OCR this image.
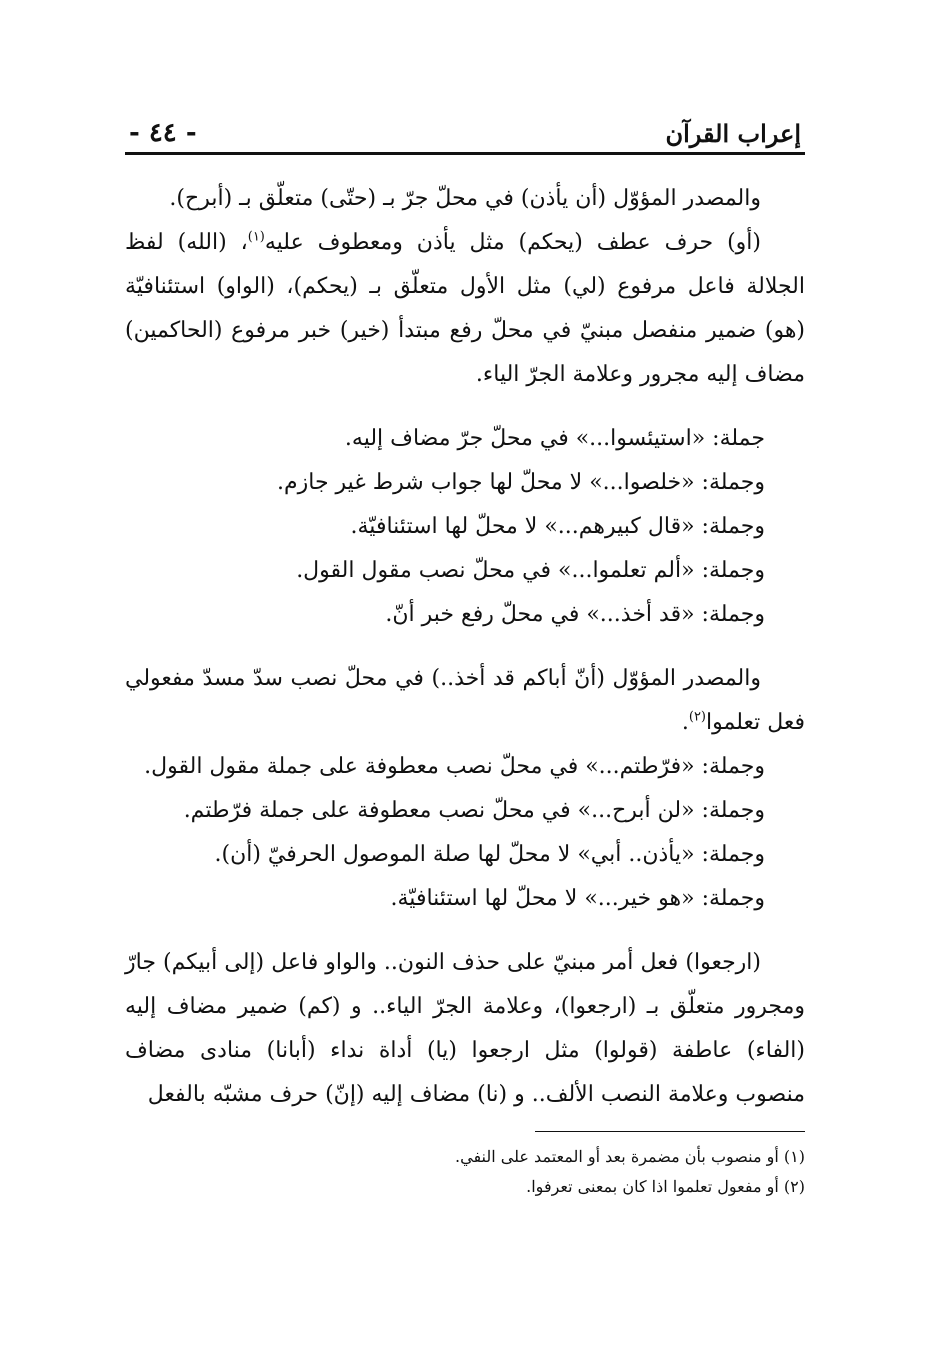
إعراب القرآن
- ٤٤ -

والمصدر المؤوّل (أن يأذن) في محلّ جرّ بـ (حتّى) متعلّق بـ (أبرح).

(أو) حرف عطف (يحكم) مثل يأذن ومعطوف عليه$^{(١)}$، (الله) لفظ الجلالة فاعل مرفوع (لي) مثل الأول متعلّق بـ (يحكم)، (الواو) استئنافيّة (هو) ضمير منفصل مبنيّ في محلّ رفع مبتدأ (خير) خبر مرفوع (الحاكمين) مضاف إليه مجرور وعلامة الجرّ الياء.

جملة: «استيئسوا...» في محلّ جرّ مضاف إليه.
وجملة: «خلصوا...» لا محلّ لها جواب شرط غير جازم.
وجملة: «قال كبيرهم...» لا محلّ لها استئنافيّة.
وجملة: «ألم تعلموا...» في محلّ نصب مقول القول.
وجملة: «قد أخذ...» في محلّ رفع خبر أنّ.

والمصدر المؤوّل (أنّ أباكم قد أخذ..) في محلّ نصب سدّ مسدّ مفعولي فعل تعلموا$^{(٢)}$.

وجملة: «فرّطتم...» في محلّ نصب معطوفة على جملة مقول القول.
وجملة: «لن أبرح...» في محلّ نصب معطوفة على جملة فرّطتم.
وجملة: «يأذن.. أبي» لا محلّ لها صلة الموصول الحرفيّ (أن).
وجملة: «هو خير...» لا محلّ لها استئنافيّة.

(ارجعوا) فعل أمر مبنيّ على حذف النون.. والواو فاعل (إلى أبيكم) جارّ ومجرور متعلّق بـ (ارجعوا)، وعلامة الجرّ الياء.. و (كم) ضمير مضاف إليه (الفاء) عاطفة (قولوا) مثل ارجعوا (يا) أداة نداء (أبانا) منادى مضاف منصوب وعلامة النصب الألف.. و (نا) مضاف إليه (إنّ) حرف مشبّه بالفعل

(١) أو منصوب بأن مضمرة بعد أو المعتمد على النفي.
(٢) أو مفعول تعلموا اذا كان بمعنى تعرفوا.
